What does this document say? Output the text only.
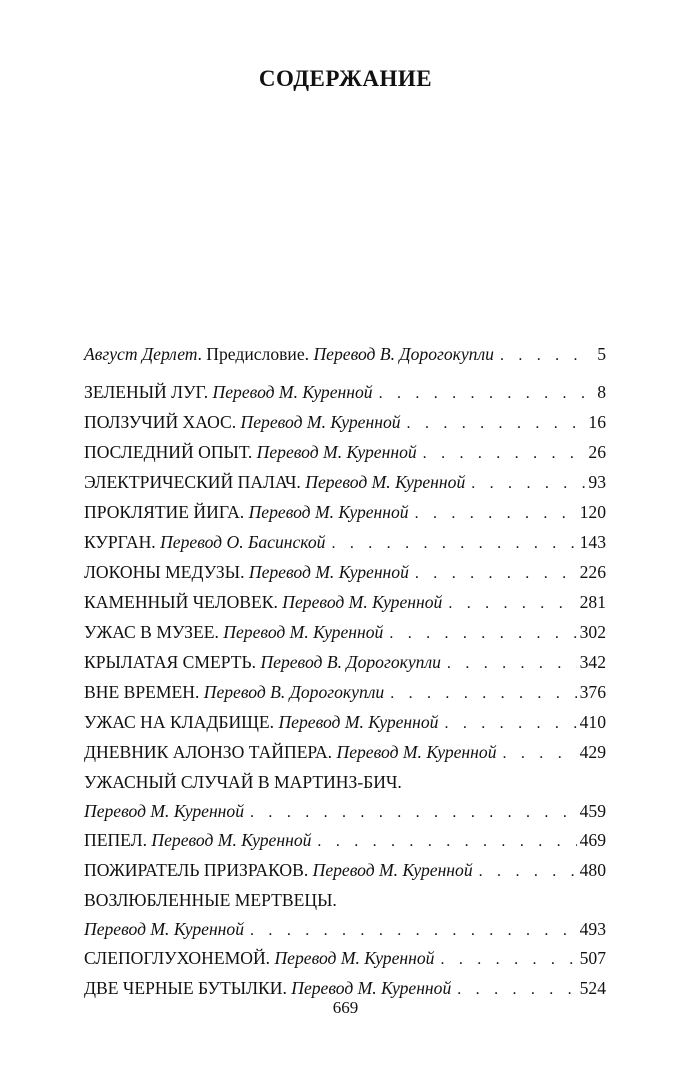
СОДЕРЖАНИЕ
Август Дерлет. Предисловие. Перевод В. Дорогокупли . . .	5
ЗЕЛЕНЫЙ ЛУГ. Перевод М. Куренной . . .	8
ПОЛЗУЧИЙ ХАОС. Перевод М. Куренной . . .	16
ПОСЛЕДНИЙ ОПЫТ. Перевод М. Куренной . . .	26
ЭЛЕКТРИЧЕСКИЙ ПАЛАЧ. Перевод М. Куренной . . .	93
ПРОКЛЯТИЕ ЙИГА. Перевод М. Куренной . . .	120
КУРГАН. Перевод О. Басинской . . .	143
ЛОКОНЫ МЕДУЗЫ. Перевод М. Куренной . . .	226
КАМЕННЫЙ ЧЕЛОВЕК. Перевод М. Куренной . . .	281
УЖАС В МУЗЕЕ. Перевод М. Куренной . . .	302
КРЫЛАТАЯ СМЕРТЬ. Перевод В. Дорогокупли . . .	342
ВНЕ ВРЕМЕН. Перевод В. Дорогокупли . . .	376
УЖАС НА КЛАДБИЩЕ. Перевод М. Куренной . . .	410
ДНЕВНИК АЛОНЗО ТАЙПЕРА. Перевод М. Куренной . . .	429
УЖАСНЫЙ СЛУЧАЙ В МАРТИНЗ-БИЧ.
Перевод М. Куренной . . .	459
ПЕПЕЛ. Перевод М. Куренной . . .	469
ПОЖИРАТЕЛЬ ПРИЗРАКОВ. Перевод М. Куренной . . .	480
ВОЗЛЮБЛЕННЫЕ МЕРТВЕЦЫ.
Перевод М. Куренной . . .	493
СЛЕПОГЛУХОНЕМОЙ. Перевод М. Куренной . . .	507
ДВЕ ЧЕРНЫЕ БУТЫЛКИ. Перевод М. Куренной . . .	524
669
